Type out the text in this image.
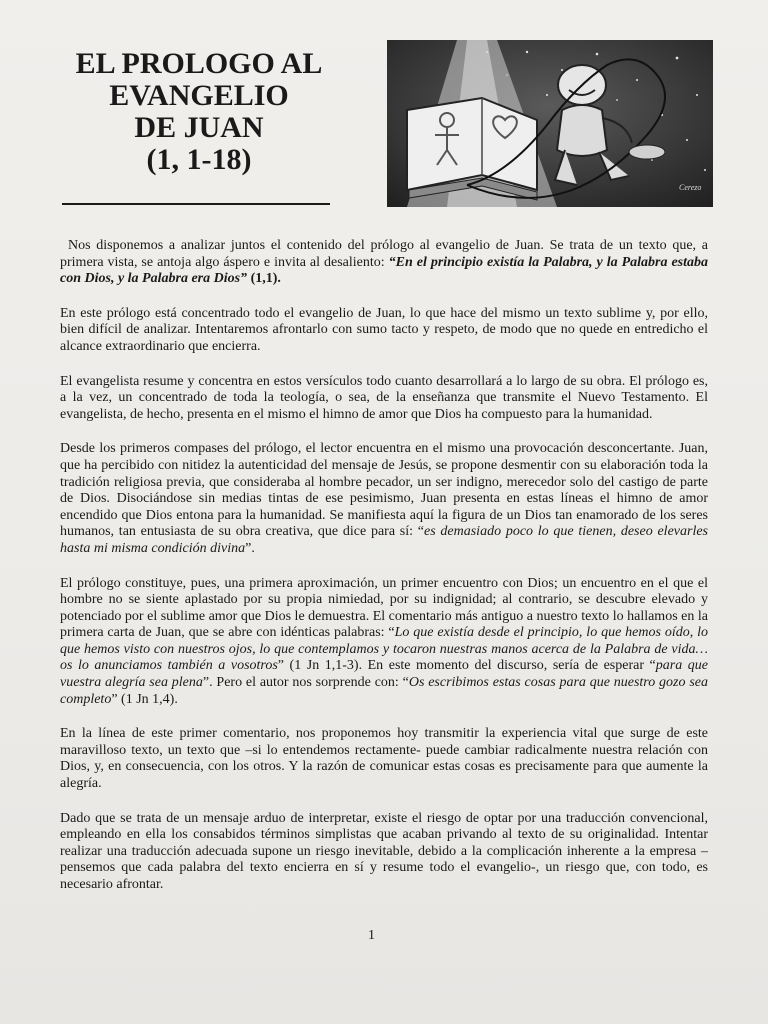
EL PROLOGO AL
EVANGELIO
DE JUAN
(1, 1-18)
Cerezo

Nos disponemos a analizar juntos el contenido del prólogo al evangelio de Juan. Se trata de un texto que, a primera vista, se antoja algo áspero e invita al desaliento: “En el principio existía la Palabra, y la Palabra estaba con Dios, y la Palabra era Dios” (1,1).

En este prólogo está concentrado todo el evangelio de Juan, lo que hace del mismo un texto sublime y, por ello, bien difícil de analizar. Intentaremos afrontarlo con sumo tacto y respeto, de modo que no quede en entredicho el alcance extraordinario que encierra.

El evangelista resume y concentra en estos versículos todo cuanto desarrollará a lo largo de su obra. El prólogo es, a la vez, un concentrado de toda la teología, o sea, de la enseñanza que transmite el Nuevo Testamento. El evangelista, de hecho, presenta en el mismo el himno de amor que Dios ha compuesto para la humanidad.

Desde los primeros compases del prólogo, el lector encuentra en el mismo una provocación desconcertante. Juan, que ha percibido con nitidez la autenticidad del mensaje de Jesús, se propone desmentir con su elaboración toda la tradición religiosa previa, que consideraba al hombre pecador, un ser indigno, merecedor solo del castigo de parte de Dios. Disociándose sin medias tintas de ese pesimismo, Juan presenta en estas líneas el himno de amor encendido que Dios entona para la humanidad. Se manifiesta aquí la figura de un Dios tan enamorado de los seres humanos, tan entusiasta de su obra creativa, que dice para sí: “es demasiado poco lo que tienen, deseo elevarles hasta mi misma condición divina”.

El prólogo constituye, pues, una primera aproximación, un primer encuentro con Dios; un encuentro en el que el hombre no se siente aplastado por su propia nimiedad, por su indignidad; al contrario, se descubre elevado y potenciado por el sublime amor que Dios le demuestra. El comentario más antiguo a nuestro texto lo hallamos en la primera carta de Juan, que se abre con idénticas palabras: “Lo que existía desde el principio, lo que hemos oído, lo que hemos visto con nuestros ojos, lo que contemplamos y tocaron nuestras manos acerca de la Palabra de vida… os lo anunciamos también a vosotros” (1 Jn 1,1-3). En este momento del discurso, sería de esperar “para que vuestra alegría sea plena”. Pero el autor nos sorprende con: “Os escribimos estas cosas para que nuestro gozo sea completo” (1 Jn 1,4).

En la línea de este primer comentario, nos proponemos hoy transmitir la experiencia vital que surge de este maravilloso texto, un texto que –si lo entendemos rectamente- puede cambiar radicalmente nuestra relación con Dios, y, en consecuencia, con los otros. Y la razón de comunicar estas cosas es precisamente para que aumente la alegría.

Dado que se trata de un mensaje arduo de interpretar, existe el riesgo de optar por una traducción convencional, empleando en ella los consabidos términos simplistas que acaban privando al texto de su originalidad. Intentar realizar una traducción adecuada supone un riesgo inevitable, debido a la complicación inherente a la empresa –pensemos que cada palabra del texto encierra en sí y resume todo el evangelio-, un riesgo que, con todo, es necesario afrontar.

1
